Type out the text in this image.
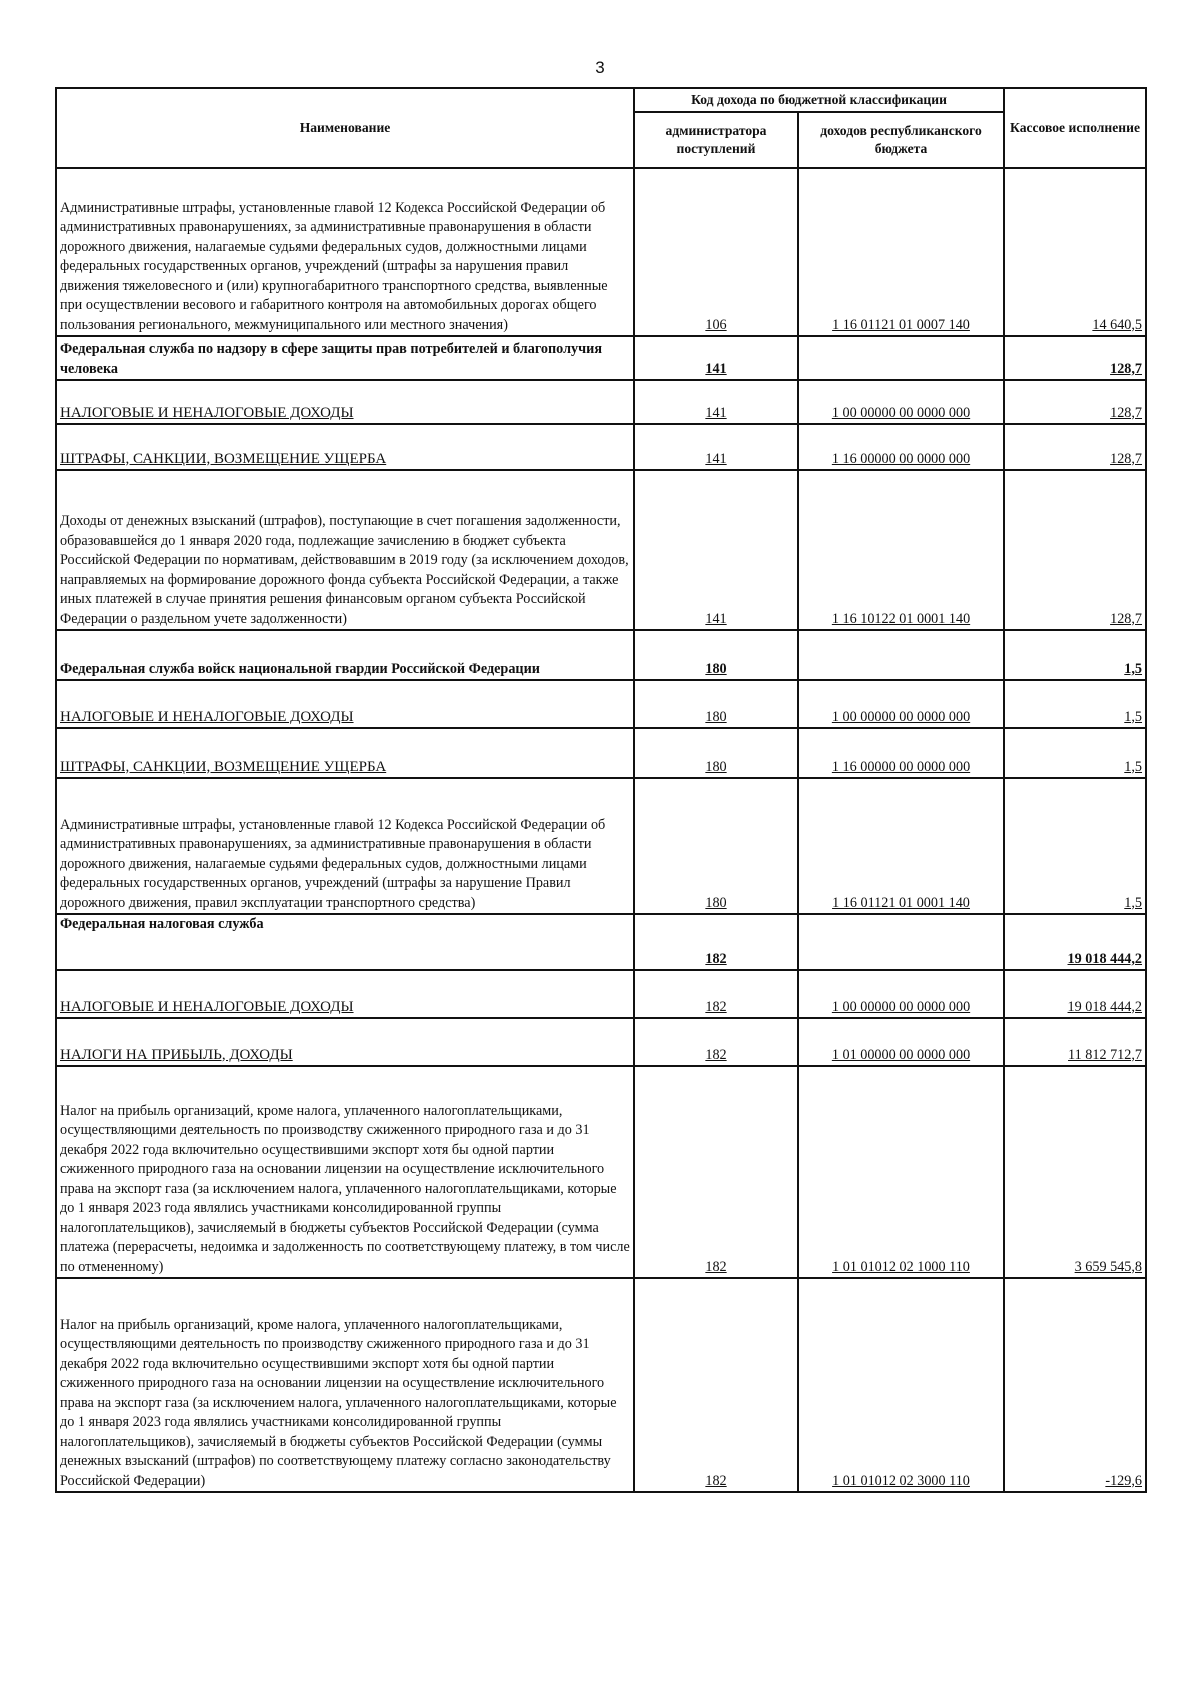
3
Наименование	Код дохода по бюджетной классификации		Кассовое исполнение
	администратора поступлений	доходов республиканского бюджета	
Административные штрафы, установленные главой 12 Кодекса Российской Федерации об административных правонарушениях, за административные правонарушения в области дорожного движения, налагаемые судьями федеральных судов, должностными лицами федеральных государственных органов, учреждений (штрафы за нарушения правил движения тяжеловесного и (или) крупногабаритного транспортного средства, выявленные при осуществлении весового и габаритного контроля на автомобильных дорогах общего пользования регионального, межмуниципального или местного значения)	106	1 16 01121 01 0007 140	14 640,5
Федеральная служба по надзору в сфере защиты прав потребителей и благополучия человека	141		128,7
НАЛОГОВЫЕ И НЕНАЛОГОВЫЕ ДОХОДЫ	141	1 00 00000 00 0000 000	128,7
ШТРАФЫ, САНКЦИИ, ВОЗМЕЩЕНИЕ УЩЕРБА	141	1 16 00000 00 0000 000	128,7
Доходы от денежных взысканий (штрафов), поступающие в счет погашения задолженности, образовавшейся до 1 января 2020 года, подлежащие зачислению в бюджет субъекта Российской Федерации по нормативам, действовавшим в 2019 году (за исключением доходов, направляемых на формирование дорожного фонда субъекта Российской Федерации, а также иных платежей в случае принятия решения финансовым органом субъекта Российской Федерации о раздельном учете задолженности)	141	1 16 10122 01 0001 140	128,7
Федеральная служба войск национальной гвардии Российской Федерации	180		1,5
НАЛОГОВЫЕ И НЕНАЛОГОВЫЕ ДОХОДЫ	180	1 00 00000 00 0000 000	1,5
ШТРАФЫ, САНКЦИИ, ВОЗМЕЩЕНИЕ УЩЕРБА	180	1 16 00000 00 0000 000	1,5
Административные штрафы, установленные главой 12 Кодекса Российской Федерации об административных правонарушениях, за административные правонарушения в области дорожного движения, налагаемые судьями федеральных судов, должностными лицами федеральных государственных органов, учреждений (штрафы за нарушение Правил дорожного движения, правил эксплуатации транспортного средства)	180	1 16 01121 01 0001 140	1,5
Федеральная налоговая служба	182		19 018 444,2
НАЛОГОВЫЕ И НЕНАЛОГОВЫЕ ДОХОДЫ	182	1 00 00000 00 0000 000	19 018 444,2
НАЛОГИ НА ПРИБЫЛЬ, ДОХОДЫ	182	1 01 00000 00 0000 000	11 812 712,7
Налог на прибыль организаций, кроме налога, уплаченного налогоплательщиками, осуществляющими деятельность по производству сжиженного природного газа и до 31 декабря 2022 года включительно осуществившими экспорт хотя бы одной партии сжиженного природного газа на основании лицензии на осуществление исключительного права на экспорт газа (за исключением налога, уплаченного налогоплательщиками, которые до 1 января 2023 года являлись участниками консолидированной группы налогоплательщиков), зачисляемый в бюджеты субъектов Российской Федерации (сумма платежа (перерасчеты, недоимка и задолженность по соответствующему платежу, в том числе по отмененному)	182	1 01 01012 02 1000 110	3 659 545,8
Налог на прибыль организаций, кроме налога, уплаченного налогоплательщиками, осуществляющими деятельность по производству сжиженного природного газа и до 31 декабря 2022 года включительно осуществившими экспорт хотя бы одной партии сжиженного природного газа на основании лицензии на осуществление исключительного права на экспорт газа (за исключением налога, уплаченного налогоплательщиками, которые до 1 января 2023 года являлись участниками консолидированной группы налогоплательщиков), зачисляемый в бюджеты субъектов Российской Федерации (суммы денежных взысканий (штрафов) по соответствующему платежу согласно законодательству Российской Федерации)	182	1 01 01012 02 3000 110	-129,6
